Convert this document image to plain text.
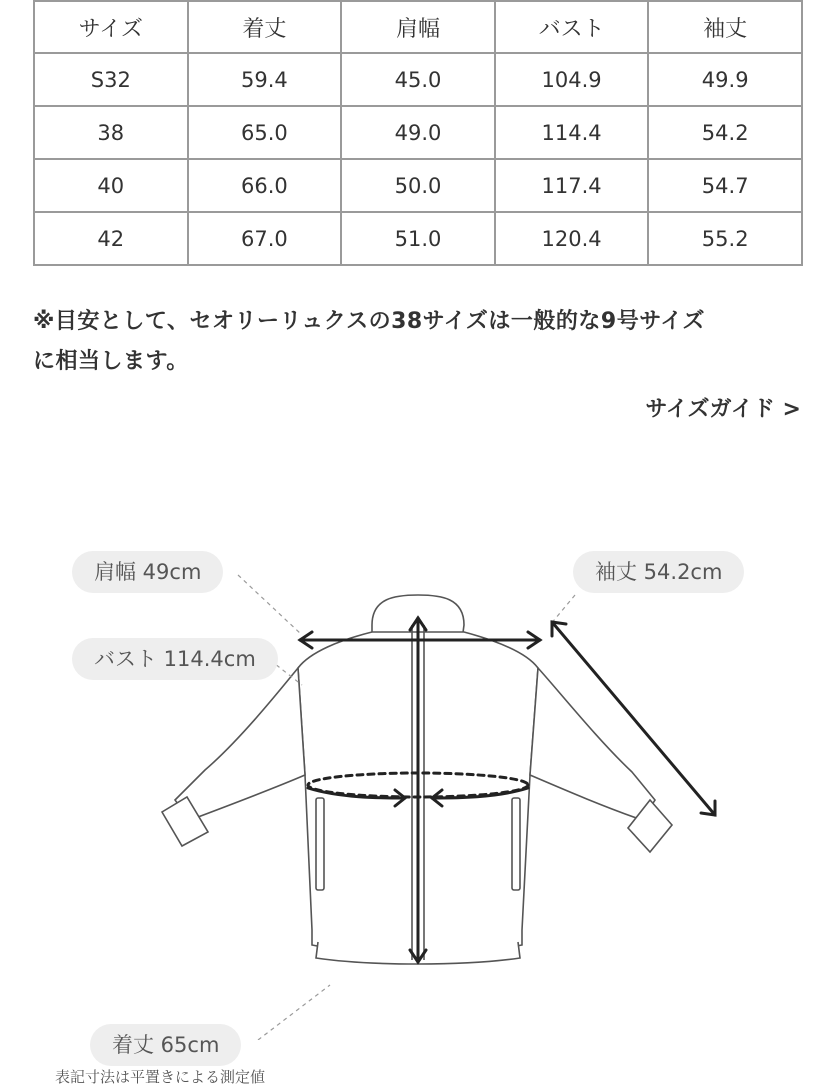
サイズ	着丈	肩幅	バスト	袖丈
S32	59.4	45.0	104.9	49.9
38	65.0	49.0	114.4	54.2
40	66.0	50.0	117.4	54.7
42	67.0	51.0	120.4	55.2
※目安として、セオリーリュクスの38サイズは一般的な9号サイズ
に相当します。
サイズガイド >
肩幅 49cm
バスト 114.4cm
袖丈 54.2cm
着丈 65cm
表記寸法は平置きによる測定値
